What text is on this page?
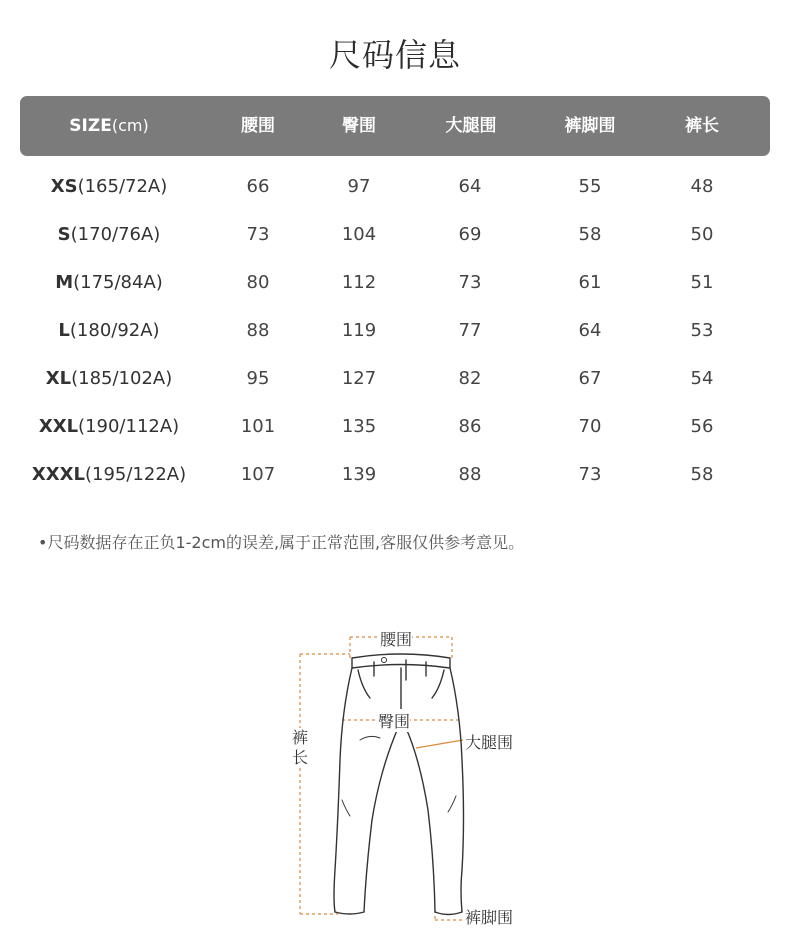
尺码信息
SIZE(cm)	腰围	臀围	大腿围	裤脚围	裤长
XS(165/72A)	66	97	64	55	48
S(170/76A)	73	104	69	58	50
M(175/84A)	80	112	73	61	51
L(180/92A)	88	119	77	64	53
XL(185/102A)	95	127	82	67	54
XXL(190/112A)	101	135	86	70	56
XXXL(195/122A)	107	139	88	73	58
•尺码数据存在正负1-2cm的误差,属于正常范围,客服仅供参考意见。
腰围
臀围
大腿围
裤脚围
裤长
